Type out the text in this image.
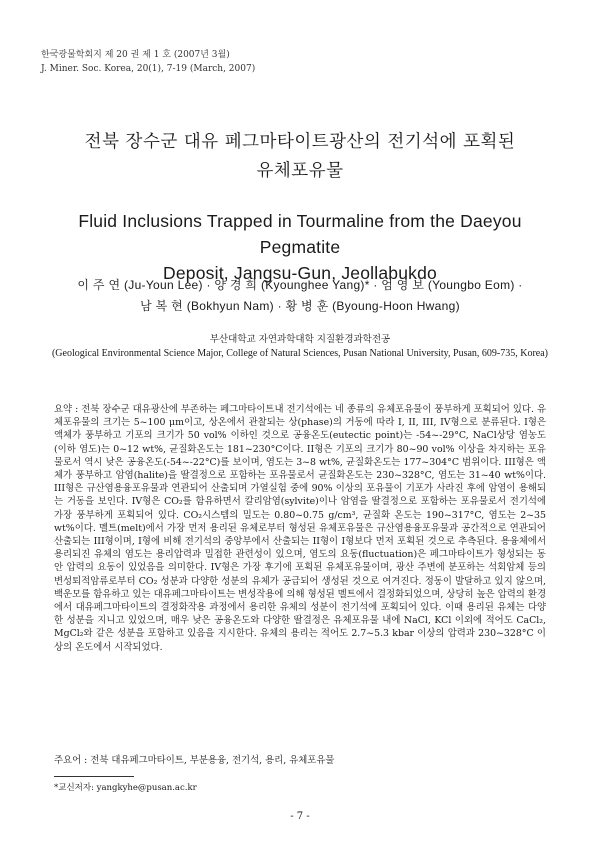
한국광물학회지 제 20 권 제 1 호 (2007년 3월)
J. Miner. Soc. Korea, 20(1), 7-19 (March, 2007)
전북 장수군 대유 페그마타이트광산의 전기석에 포획된
유체포유물
Fluid Inclusions Trapped in Tourmaline from the Daeyou Pegmatite
Deposit, Jangsu-Gun, Jeollabukdo
이 주 연 (Ju-Youn Lee) · 양 경 희 (Kyounghee Yang)* · 엄 영 보 (Youngbo Eom) ·
남 복 현 (Bokhyun Nam) · 황 병 훈 (Byoung-Hoon Hwang)
부산대학교 자연과학대학 지질환경과학전공
(Geological Environmental Science Major, College of Natural Sciences, Pusan National University, Pusan, 609-735, Korea)
요약 : 전북 장수군 대유광산에 부존하는 페그마타이트내 전기석에는 네 종류의 유체포유물이 풍부하게 포획되어 있다. 유체포유물의 크기는 5~100 μm이고, 상온에서 관찰되는 상(phase)의 거동에 따라 I, II, III, IV형으로 분류된다. I형은 액체가 풍부하고 기포의 크기가 50 vol% 이하인 것으로 공융온도(eutectic point)는 -54~-29°C, NaCl상당 염농도(이하 염도)는 0~12 wt%, 균질화온도는 181~230°C이다. II형은 기포의 크기가 80~90 vol% 이상을 차지하는 포유물로서 역시 낮은 공융온도(-54~-22°C)를 보이며, 염도는 3~8 wt%, 균질화온도는 177~304°C 범위이다. III형은 액체가 풍부하고 암염(halite)을 딸결정으로 포함하는 포유물로서 균질화온도는 230~328°C, 염도는 31~40 wt%이다. III형은 규산염용융포유물과 연관되어 산출되며 가열실험 중에 90% 이상의 포유물이 기포가 사라진 후에 암염이 용해되는 거동을 보인다. IV형은 CO₂를 함유하면서 칼리암염(sylvite)이나 암염을 딸결정으로 포함하는 포유물로서 전기석에 가장 풍부하게 포획되어 있다. CO₂시스템의 밀도는 0.80~0.75 g/cm³, 균질화 온도는 190~317°C, 염도는 2~35 wt%이다. 멜트(melt)에서 가장 먼저 용리된 유체로부터 형성된 유체포유물은 규산염용융포유물과 공간적으로 연관되어 산출되는 III형이며, I형에 비해 전기석의 중앙부에서 산출되는 II형이 I형보다 먼저 포획된 것으로 추측된다. 용융체에서 용리되진 유체의 염도는 용리압력과 밀접한 관련성이 있으며, 염도의 요동(fluctuation)은 페그마타이트가 형성되는 동안 압력의 요동이 있었음을 의미한다. IV형은 가장 후기에 포획된 유체포유물이며, 광산 주변에 분포하는 석회암체 등의 변성퇴적암류로부터 CO₂ 성분과 다양한 성분의 유체가 공급되어 생성된 것으로 여겨진다. 정동이 발달하고 있지 않으며, 백운모를 함유하고 있는 대유페그마타이트는 변성작용에 의해 형성된 멜트에서 결정화되었으며, 상당히 높은 압력의 환경에서 대유페그마타이트의 결정화작용 과정에서 용리한 유체의 성분이 전기석에 포획되어 있다. 이때 용리된 유체는 다양한 성분을 지니고 있었으며, 매우 낮은 공융온도와 다양한 딸결정은 유체포유물 내에 NaCl, KCl 이외에 적어도 CaCl₂, MgCl₂와 같은 성분을 포함하고 있음을 지시한다. 유체의 용리는 적어도 2.7~5.3 kbar 이상의 압력과 230~328°C 이상의 온도에서 시작되었다.
주요어 : 전북 대유페그마타이트, 부분용융, 전기석, 용리, 유체포유물
*교신저자: yangkyhe@pusan.ac.kr
- 7 -
